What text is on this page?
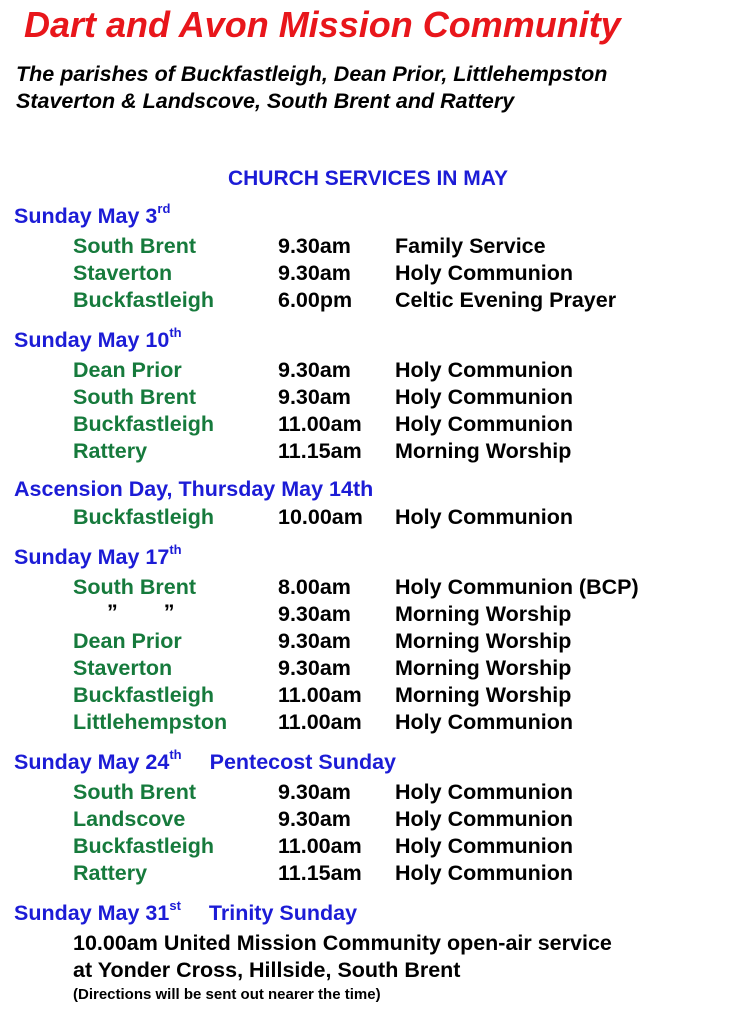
Dart and Avon Mission Community
The parishes of Buckfastleigh, Dean Prior, Littlehempston
Staverton & Landscove, South Brent and Rattery
CHURCH SERVICES IN MAY
Sunday May 3rd
South Brent	9.30am Family Service
Staverton	9.30am Holy Communion
Buckfastleigh	6.00pm Celtic Evening Prayer
Sunday May 10th
Dean Prior	9.30am Holy Communion
South Brent	9.30am Holy Communion
Buckfastleigh	11.00am Holy Communion
Rattery	11.15am Morning Worship
Ascension Day, Thursday May 14th
Buckfastleigh	10.00am Holy Communion
Sunday May 17th
South Brent	8.00am Holy Communion (BCP)
” ”	9.30am Morning Worship
Dean Prior	9.30am Morning Worship
Staverton	9.30am Morning Worship
Buckfastleigh	11.00am Morning Worship
Littlehempston 11.00am Holy Communion
Sunday May 24th Pentecost Sunday
South Brent	9.30am Holy Communion
Landscove	9.30am Holy Communion
Buckfastleigh	11.00am Holy Communion
Rattery	11.15am Holy Communion
Sunday May 31st Trinity Sunday
10.00am United Mission Community open-air service
at Yonder Cross, Hillside, South Brent
(Directions will be sent out nearer the time)
